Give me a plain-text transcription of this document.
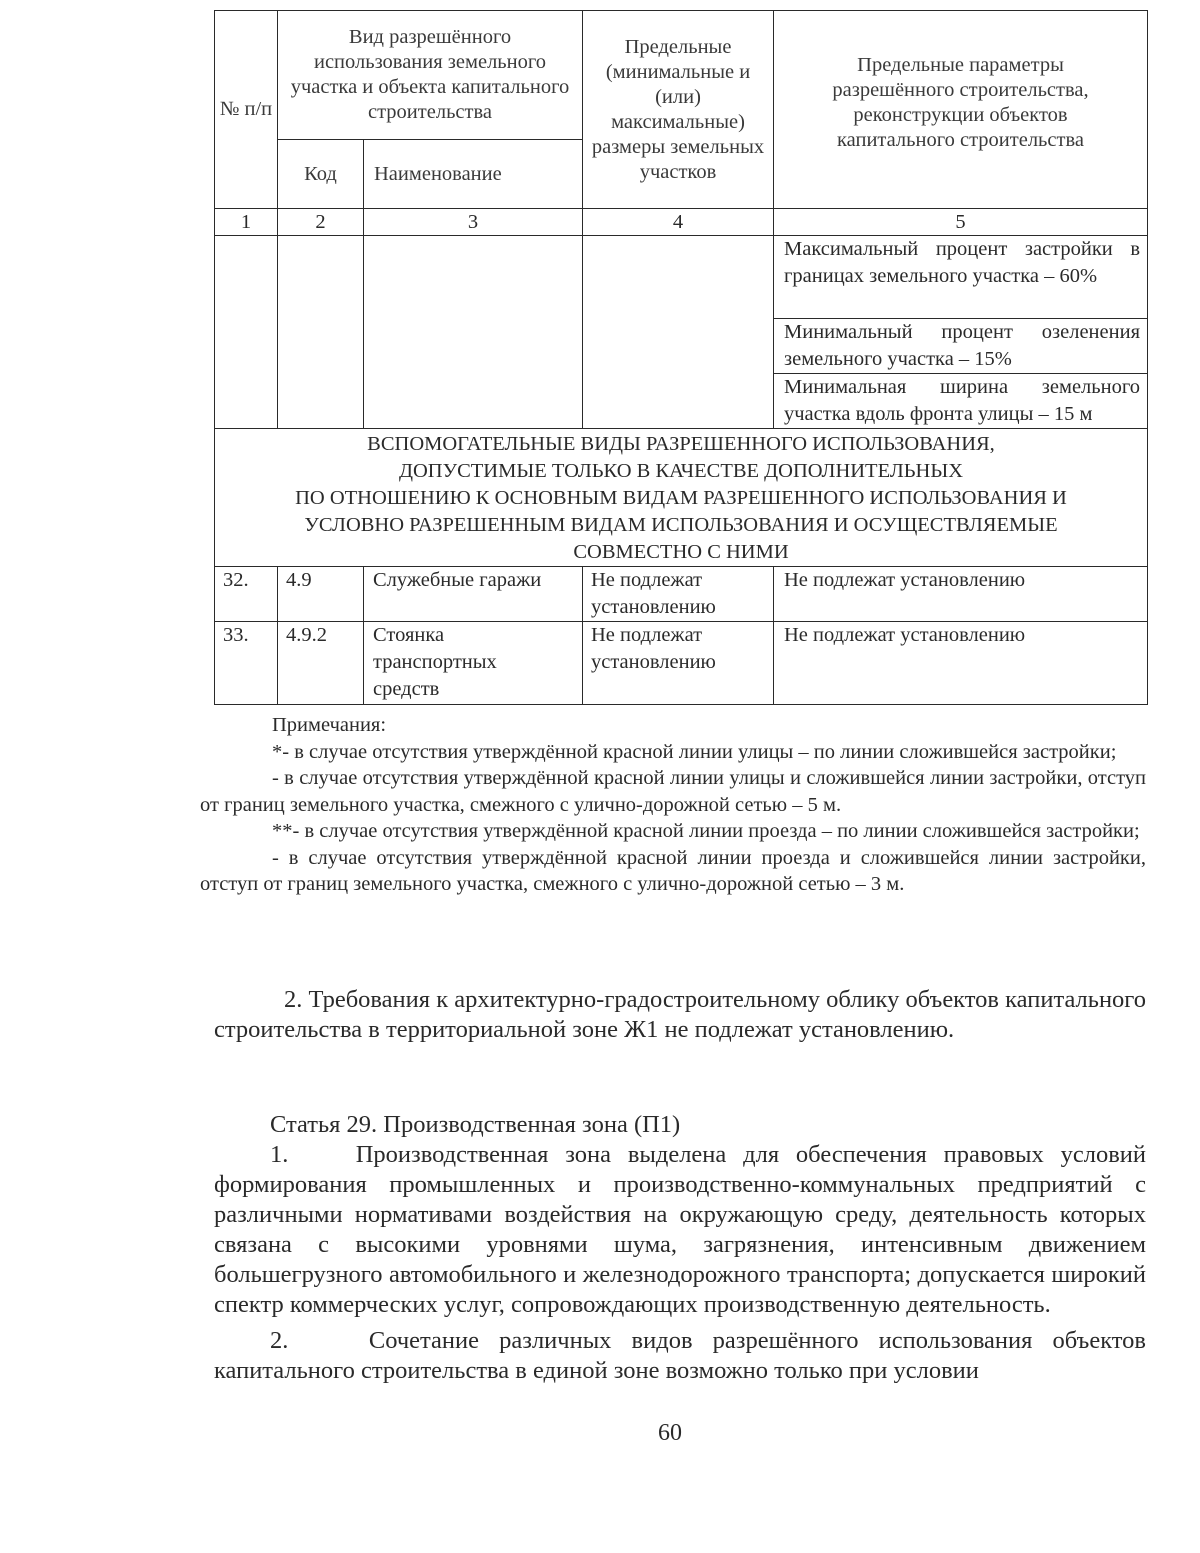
№ п/п	Вид разрешённого использования земельного участка и объекта капитального строительства		Предельные (минимальные и (или) максимальные) размеры земельных участков	Предельные параметры разрешённого строительства, реконструкции объектов капитального строительства
	Код	Наименование		
1	2	3	4	5

				Максимальный процент застройки в границах земельного участка – 60%

				Минимальный процент озеленения земельного участка – 15%

				Минимальная ширина земельного участка вдоль фронта улицы – 15 м

ВСПОМОГАТЕЛЬНЫЕ ВИДЫ РАЗРЕШЕННОГО ИСПОЛЬЗОВАНИЯ,
ДОПУСТИМЫЕ ТОЛЬКО В КАЧЕСТВЕ ДОПОЛНИТЕЛЬНЫХ
ПО ОТНОШЕНИЮ К ОСНОВНЫМ ВИДАМ РАЗРЕШЕННОГО ИСПОЛЬЗОВАНИЯ И
УСЛОВНО РАЗРЕШЕННЫМ ВИДАМ ИСПОЛЬЗОВАНИЯ И ОСУЩЕСТВЛЯЕМЫЕ
СОВМЕСТНО С НИМИ				

32.	4.9	Служебные гаражи	Не подлежат установлению	Не подлежат установлению
33.	4.9.2	Стоянка транспортных средств	Не подлежат установлению	Не подлежат установлению

Примечания:

*- в случае отсутствия утверждённой красной линии улицы – по линии сложившейся застройки;

- в случае отсутствия утверждённой красной линии улицы и сложившейся линии застройки, отступ от границ земельного участка, смежного с улично-дорожной сетью – 5 м.

**- в случае отсутствия утверждённой красной линии проезда – по линии сложившейся застройки;

- в случае отсутствия утверждённой красной линии проезда и сложившейся линии застройки, отступ от границ земельного участка, смежного с улично-дорожной сетью – 3 м.

2. Требования к архитектурно-градостроительному облику объектов капитального строительства в территориальной зоне Ж1 не подлежат установлению.

Статья 29. Производственная зона (П1)

1.    Производственная зона выделена для обеспечения правовых условий формирования промышленных и производственно-коммунальных предприятий с различными нормативами воздействия на окружающую среду, деятельность которых связана с высокими уровнями шума, загрязнения, интенсивным движением большегрузного автомобильного и железнодорожного транспорта; допускается широкий спектр коммерческих услуг, сопровождающих производственную деятельность.

2.    Сочетание различных видов разрешённого использования объектов капитального строительства в единой зоне возможно только при условии

60
